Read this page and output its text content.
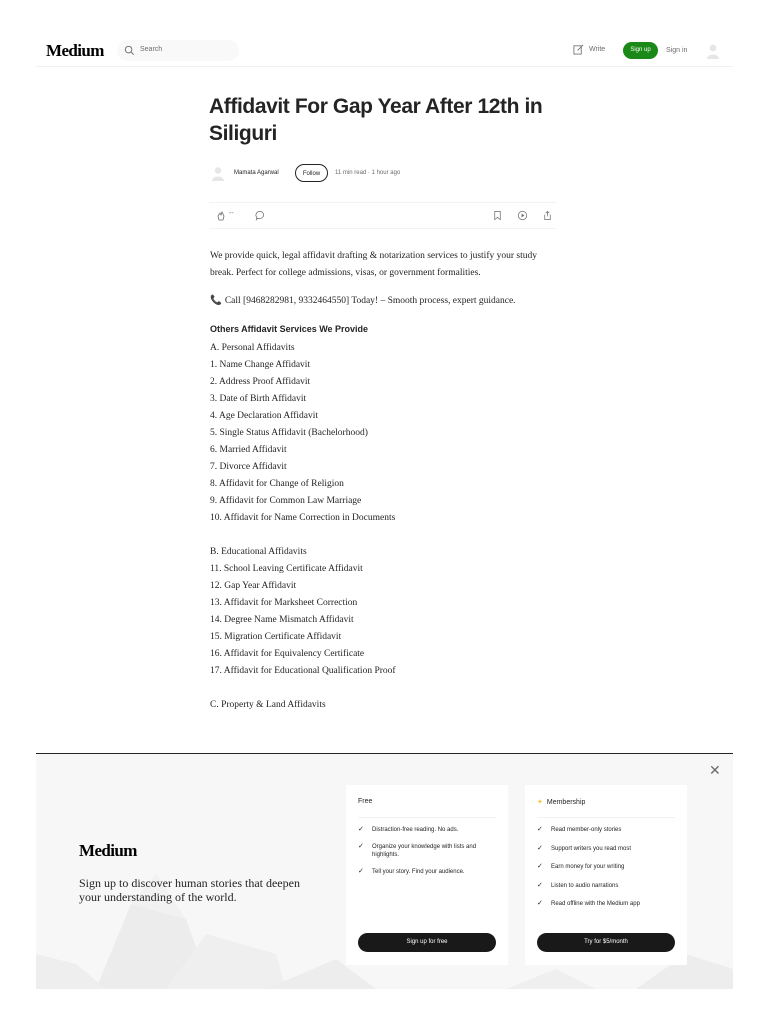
Medium	Search	Write	Sign up	Sign in
Affidavit For Gap Year After 12th in Siliguri
Mamata Agarwal	Follow	11 min read · 1 hour ago
--

We provide quick, legal affidavit drafting & notarization services to justify your study break. Perfect for college admissions, visas, or government formalities.

📞 Call [9468282981, 9332464550] Today! – Smooth process, expert guidance.

Others Affidavit Services We Provide

A. Personal Affidavits

1. Name Change Affidavit

2. Address Proof Affidavit

3. Date of Birth Affidavit

4. Age Declaration Affidavit

5. Single Status Affidavit (Bachelorhood)

6. Married Affidavit

7. Divorce Affidavit

8. Affidavit for Change of Religion

9. Affidavit for Common Law Marriage

10. Affidavit for Name Correction in Documents

B. Educational Affidavits

11. School Leaving Certificate Affidavit

12. Gap Year Affidavit

13. Affidavit for Marksheet Correction

14. Degree Name Mismatch Affidavit

15. Migration Certificate Affidavit

16. Affidavit for Equivalency Certificate

17. Affidavit for Educational Qualification Proof

C. Property & Land Affidavits

✕
Medium

Sign up to discover human stories that deepen your understanding of the world.

Free
✓ Distraction-free reading. No ads.
✓ Organize your knowledge with lists and highlights.
✓ Tell your story. Find your audience.
Sign up for free
✦ Membership
✓ Read member-only stories
✓ Support writers you read most
✓ Earn money for your writing
✓ Listen to audio narrations
✓ Read offline with the Medium app
Try for $5/month
